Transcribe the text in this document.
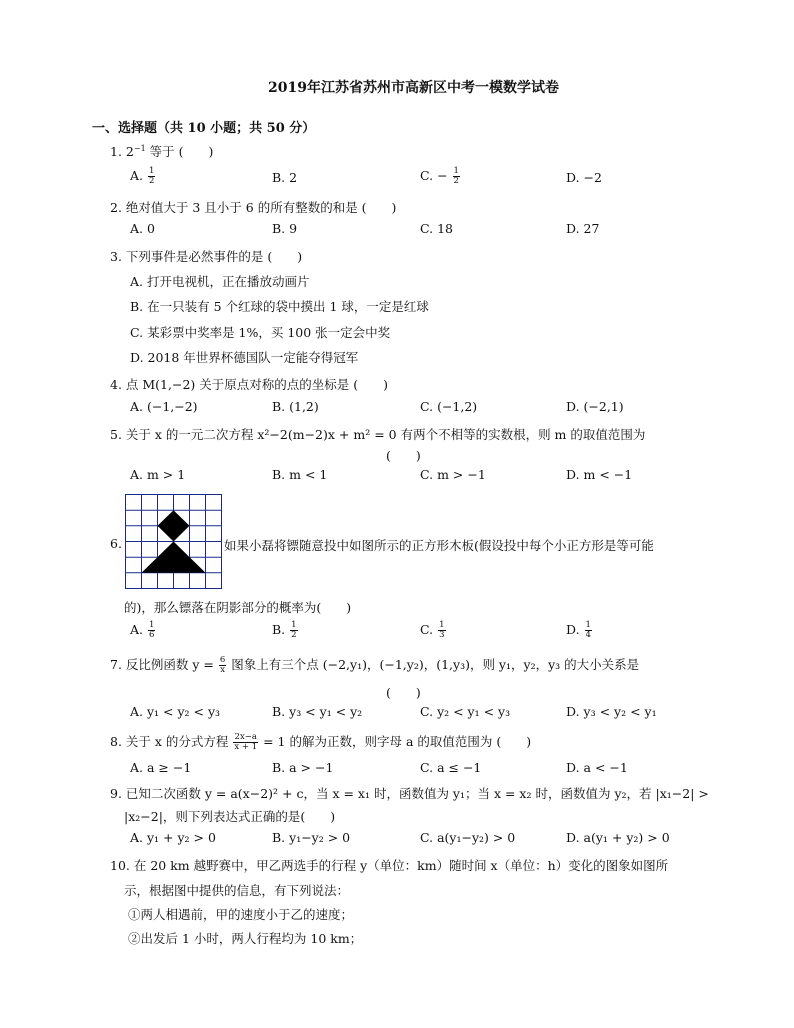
2019年江苏省苏州市高新区中考一模数学试卷
一、选择题（共 10 小题；共 50 分）
1. $2^{-1}$ 等于 (　　)
A. $\frac{1}{2}$	B. 2	C. − $\frac{1}{2}$	D. −2
2. 绝对值大于 3 且小于 6 的所有整数的和是 (　　)
A. 0	B. 9	C. 18	D. 27
3. 下列事件是必然事件的是 (　　)
A. 打开电视机，正在播放动画片
B. 在一只装有 5 个红球的袋中摸出 1 球，一定是红球
C. 某彩票中奖率是 1%，买 100 张一定会中奖
D. 2018 年世界杯德国队一定能夺得冠军
4. 点 M(1,−2) 关于原点对称的点的坐标是 (　　)
A. (−1,−2)	B. (1,2)	C. (−1,2)	D. (−2,1)
5. 关于 x 的一元二次方程 x²−2(m−2)x + m² = 0 有两个不相等的实数根，则 m 的取值范围为
(　　)
A. m > 1	B. m < 1	C. m > −1	D. m < −1
6.	如果小磊将镖随意投中如图所示的正方形木板(假设投中每个小正方形是等可能
的)，那么镖落在阴影部分的概率为(　　)
A. $\frac{1}{6}$	B. $\frac{1}{2}$	C. $\frac{1}{3}$	D. $\frac{1}{4}$
7. 反比例函数 $y = \frac{6}{x}$ 图象上有三个点 (−2,y₁)，(−1,y₂)，(1,y₃)，则 y₁，y₂，y₃ 的大小关系是
(　　)
A. y₁ < y₂ < y₃	B. y₃ < y₁ < y₂	C. y₂ < y₁ < y₃	D. y₃ < y₂ < y₁
8. 关于 x 的分式方程 $\frac{2x-a}{x + 1} = 1$ 的解为正数，则字母 a 的取值范围为 (　　)
A. a ≥ −1	B. a > −1	C. a ≤ −1	D. a < −1
9. 已知二次函数 y = a(x−2)² + c，当 x = x₁ 时，函数值为 y₁；当 x = x₂ 时，函数值为 y₂，若 |x₁−2| >
|x₂−2|，则下列表达式正确的是(　　)
A. y₁ + y₂ > 0	B. y₁−y₂ > 0	C. a(y₁−y₂) > 0	D. a(y₁ + y₂) > 0
10. 在 20 km 越野赛中，甲乙两选手的行程 y（单位：km）随时间 x（单位：h）变化的图象如图所
示，根据图中提供的信息，有下列说法：
①两人相遇前，甲的速度小于乙的速度；
②出发后 1 小时，两人行程均为 10 km；
